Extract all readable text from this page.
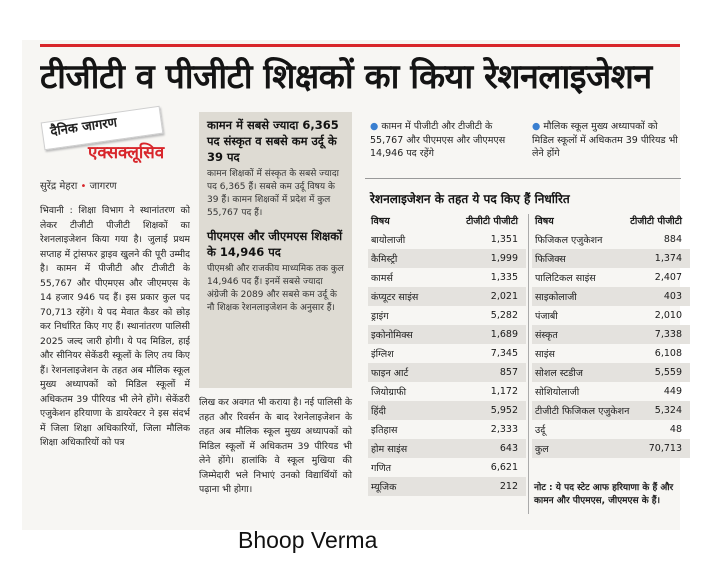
टीजीटी व पीजीटी शिक्षकों का किया रेशनलाइजेशन
दैनिक जागरण
एक्सक्लूसिव
सुरेंद्र मेहरा • जागरण
भिवानी : शिक्षा विभाग ने स्थानांतरण को लेकर टीजीटी पीजीटी शिक्षकों का रेशनलाइजेशन किया गया है। जुलाई प्रथम सप्ताह में ट्रांसफर ड्राइव खुलने की पूरी उम्मीद है। कामन में पीजीटी और टीजीटी के 55,767 और पीएमएस और जीएमएस के 14 हजार 946 पद हैं। इस प्रकार कुल पद 70,713 रहेंगे। ये पद मेवात कैडर को छोड़ कर निर्धारित किए गए हैं। स्थानांतरण पालिसी 2025 जल्द जारी होगी। ये पद मिडिल, हाई और सीनियर सेकेंडरी स्कूलों के लिए तय किए हैं। रेशनलाइजेशन के तहत अब मौलिक स्कूल मुख्य अध्यापकों को मिडिल स्कूलों में अधिकतम 39 पीरियड भी लेने होंगे। सेकेंडरी एजुकेशन हरियाणा के डायरेक्टर ने इस संदर्भ में जिला शिक्षा अधिकारियों, जिला मौलिक शिक्षा अधिकारियों को पत्र
कामन में सबसे ज्यादा 6,365 पद संस्कृत व सबसे कम उर्दू के 39 पद
कामन शिक्षकों में संस्कृत के सबसे ज्यादा पद 6,365 हैं। सबसे कम उर्दू विषय के 39 हैं। कामन शिक्षकों में प्रदेश में कुल 55,767 पद हैं।
पीएमएस और जीएमएस शिक्षकों के 14,946 पद
पीएमश्री और राजकीय माध्यमिक तक कुल 14,946 पद हैं। इनमें सबसे ज्यादा अंग्रेजी के 2089 और सबसे कम उर्दू के नौ शिक्षक रेशनलाइजेशन के अनुसार हैं।
लिख कर अवगत भी कराया है। नई पालिसी के तहत और रिवर्सन के बाद रेशनेलाइजेशन के तहत अब मौलिक स्कूल मुख्य अध्यापकों को मिडिल स्कूलों में अधिकतम 39 पीरियड भी लेने होंगे। हालांकि वे स्कूल मुखिया की जिम्मेदारी भले निभाएं उनको विद्यार्थियों को पढ़ाना भी होगा।
● कामन में पीजीटी और टीजीटी के 55,767 और पीएमएस और जीएमएस 14,946 पद रहेंगे
● मौलिक स्कूल मुख्य अध्यापकों को मिडिल स्कूलों में अधिकतम 39 पीरियड भी लेने होंगे
रेशनलाइजेशन के तहत ये पद किए हैं निर्धारित
विषय	टीजीटी पीजीटी
बायोलाजी	1,351
कैमिस्ट्री	1,999
कामर्स	1,335
कंप्यूटर साइंस	2,021
ड्राइंग	5,282
इकोनोमिक्स	1,689
इंग्लिश	7,345
फाइन आर्ट	857
जियोग्राफी	1,172
हिंदी	5,952
इतिहास	2,333
होम साइंस	643
गणित	6,621
म्यूजिक	212
विषय	टीजीटी पीजीटी
फिजिकल एजुकेशन	884
फिजिक्स	1,374
पालिटिकल साइंस	2,407
साइकोलाजी	403
पंजाबी	2,010
संस्कृत	7,338
साइंस	6,108
सोशल स्टडीज	5,559
सोशियोलाजी	449
टीजीटी फिजिकल एजुकेशन	5,324
उर्दू	48
कुल	70,713
नोट : ये पद स्टेट आफ हरियाणा के हैं और कामन और पीएमएस, जीएमएस के हैं।
Bhoop Verma
